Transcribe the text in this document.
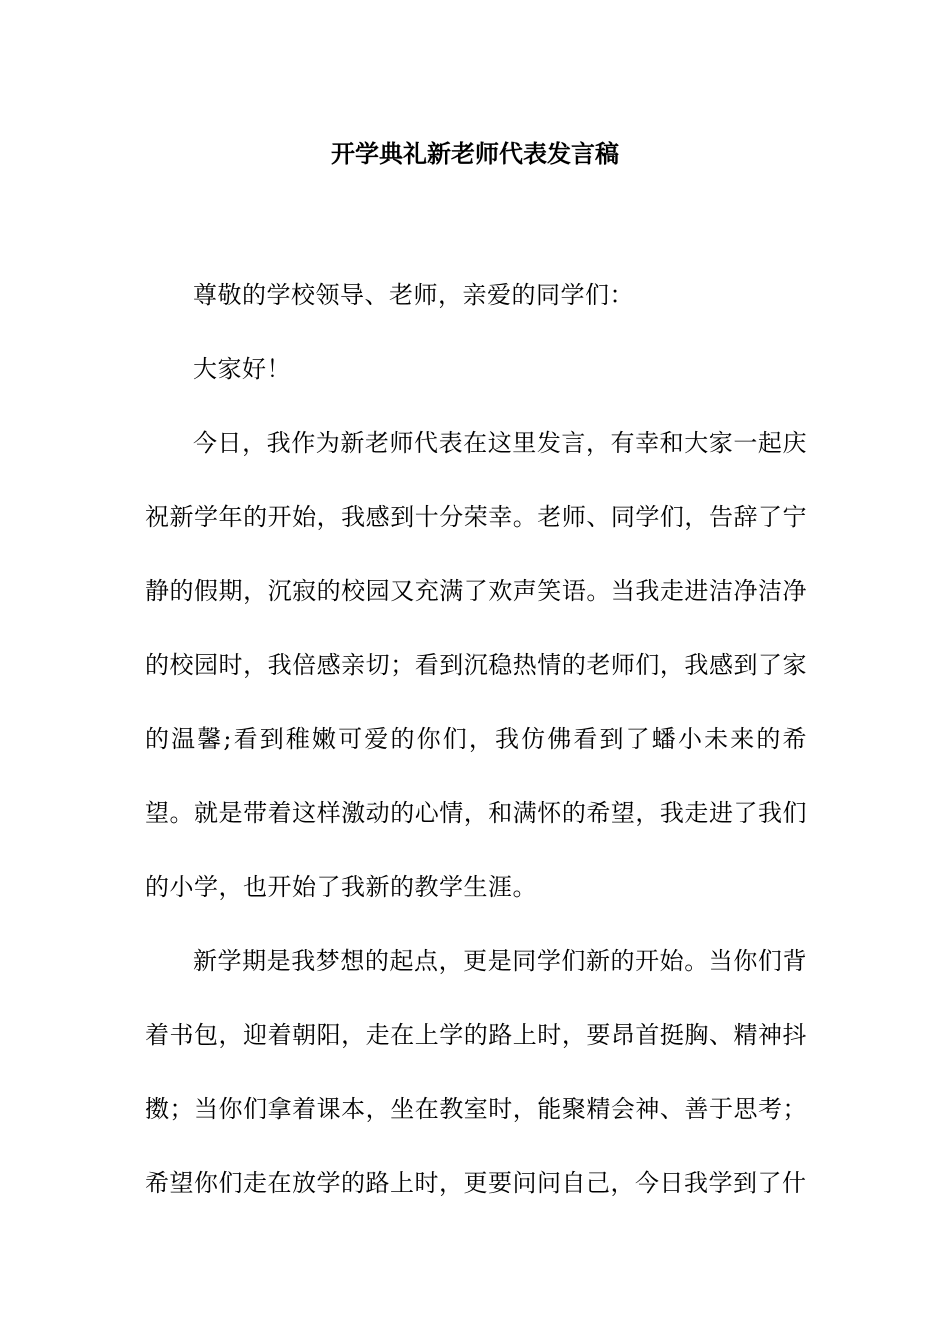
开学典礼新老师代表发言稿

尊敬的学校领导、老师，亲爱的同学们：

大家好！

今日，我作为新老师代表在这里发言，有幸和大家一起庆祝新学年的开始，我感到十分荣幸。老师、同学们，告辞了宁静的假期，沉寂的校园又充满了欢声笑语。当我走进洁净洁净的校园时，我倍感亲切；看到沉稳热情的老师们，我感到了家的温馨;看到稚嫩可爱的你们，我仿佛看到了蟠小未来的希望。就是带着这样激动的心情，和满怀的希望，我走进了我们的小学，也开始了我新的教学生涯。

新学期是我梦想的起点，更是同学们新的开始。当你们背着书包，迎着朝阳，走在上学的路上时，要昂首挺胸、精神抖擞；当你们拿着课本，坐在教室时，能聚精会神、善于思考；希望你们走在放学的路上时，更要问问自己，今日我学到了什
